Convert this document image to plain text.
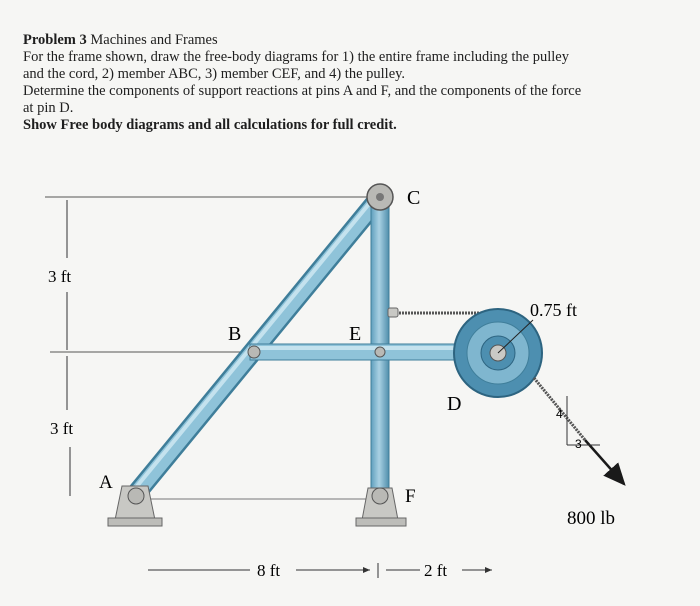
Problem 3 Machines and Frames
For the frame shown, draw the free-body diagrams for 1) the entire frame including the pulley
and the cord, 2) member ABC, 3) member CEF, and 4) the pulley.
Determine the components of support reactions at pins A and F, and the components of the force
at pin D.
Show Free body diagrams and all calculations for full credit.
3 ft
3 ft
800 lb
4
3
C
B	E
D
A
F
0.75 ft
8 ft	2 ft
